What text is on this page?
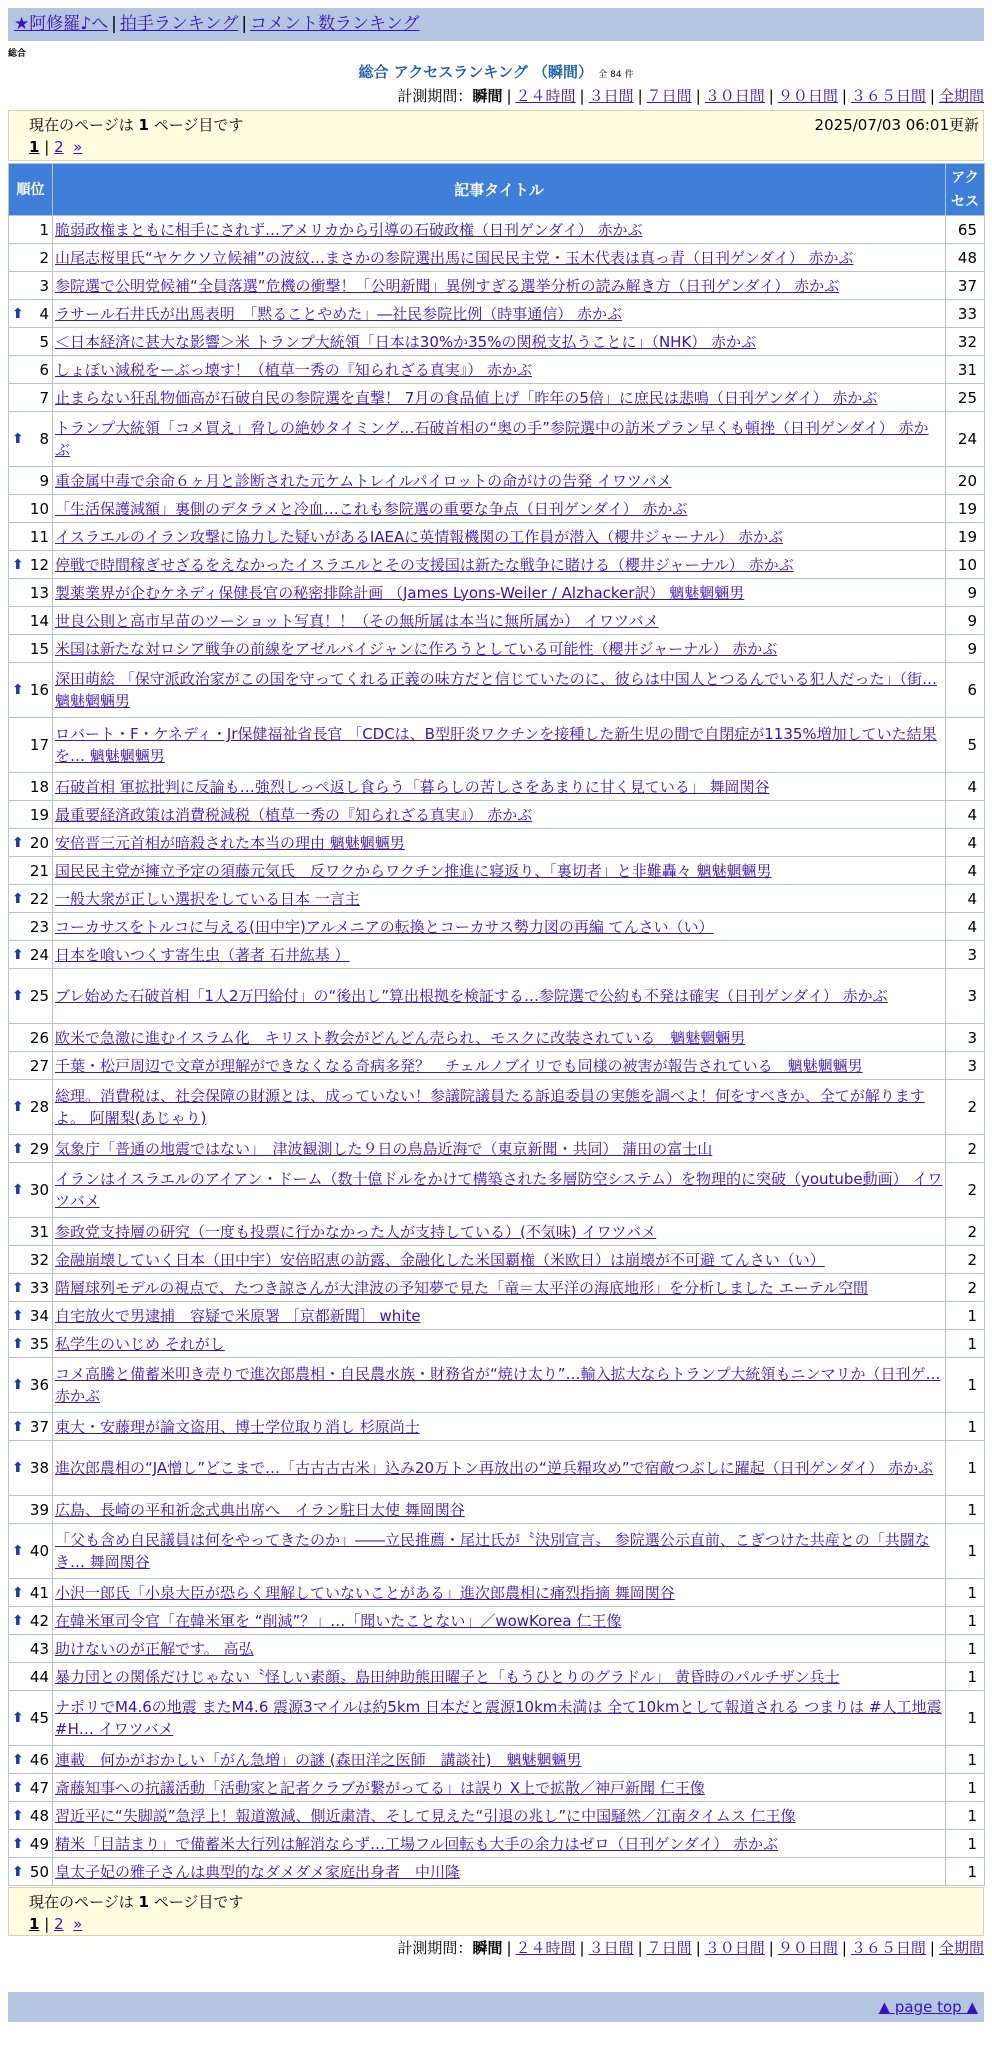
★阿修羅♪へ | 拍手ランキング | コメント数ランキング
総合
総合 アクセスランキング （瞬間） 全 84 件
計測期間：瞬間 | ２４時間 | ３日間 | ７日間 | ３０日間 | ９０日間 | ３６５日間 | 全期間
現在のページは 1 ページ目です	2025/07/03 06:01更新
1 | 2 »
順位	記事タイトル	アクセス
1	脆弱政権まともに相手にされず…アメリカから引導の石破政権（日刊ゲンダイ） 赤かぶ	65
2	山尾志桜里氏“ヤケクソ立候補”の波紋…まさかの参院選出馬に国民民主党・玉木代表は真っ青（日刊ゲンダイ） 赤かぶ	48
3	参院選で公明党候補“全員落選”危機の衝撃！「公明新聞」異例すぎる選挙分析の読み解き方（日刊ゲンダイ） 赤かぶ	37

⬆ 4	ラサール石井氏が出馬表明　「黙ることやめた」―社民参院比例（時事通信） 赤かぶ	33
5	＜日本経済に甚大な影響＞米 トランプ大統領「日本は30%か35%の関税支払うことに」（NHK） 赤かぶ	32
6	しょぼい減税をーぶっ壊す！（植草一秀の『知られざる真実』） 赤かぶ	31
7	止まらない狂乱物価高が石破自民の参院選を直撃！ 7月の食品値上げ「昨年の5倍」に庶民は悲鳴（日刊ゲンダイ） 赤かぶ	25

⬆ 8	トランプ大統領「コメ買え」脅しの絶妙タイミング…石破首相の“奥の手”参院選中の訪米プラン早くも頓挫（日刊ゲンダイ） 赤かぶ	24
9	重金属中毒で余命６ヶ月と診断された元ケムトレイルパイロットの命がけの告発 イワツバメ	20
10	「生活保護減額」裏側のデタラメと冷血…これも参院選の重要な争点（日刊ゲンダイ） 赤かぶ	19
11	イスラエルのイラン攻撃に協力した疑いがあるIAEAに英情報機関の工作員が潜入（櫻井ジャーナル） 赤かぶ	19

⬆ 12	停戦で時間稼ぎせざるをえなかったイスラエルとその支援国は新たな戦争に賭ける（櫻井ジャーナル） 赤かぶ	10
13	製薬業界が企むケネディ保健長官の秘密排除計画 （James Lyons-Weiler / Alzhacker訳） 魑魅魍魎男	9
14	世良公則と高市早苗のツーショット写真！！（その無所属は本当に無所属か） イワツバメ	9
15	米国は新たな対ロシア戦争の前線をアゼルバイジャンに作ろうとしている可能性（櫻井ジャーナル） 赤かぶ	9

⬆ 16	深田萌絵 「保守派政治家がこの国を守ってくれる正義の味方だと信じていたのに、彼らは中国人とつるんでいる犯人だった」（街… 魑魅魍魎男	6
17	ロバート・F・ケネディ・Jr保健福祉省長官 「CDCは、B型肝炎ワクチンを接種した新生児の間で自閉症が1135%増加していた結果を… 魑魅魍魎男	5
18	石破首相 軍拡批判に反論も…強烈しっぺ返し食らう「暮らしの苦しさをあまりに甘く見ている」 舞岡関谷	4
19	最重要経済政策は消費税減税（植草一秀の『知られざる真実』） 赤かぶ	4

⬆ 20	安倍晋三元首相が暗殺された本当の理由 魑魅魍魎男	4
21	国民民主党が擁立予定の須藤元気氏　反ワクからワクチン推進に寝返り、「裏切者」と非難轟々 魑魅魍魎男	4

⬆ 22	一般大衆が正しい選択をしている日本 一言主	4
23	コーカサスをトルコに与える(田中宇)アルメニアの転換とコーカサス勢力図の再編 てんさい（い）	4

⬆ 24	日本を喰いつくす寄生虫（著者 石井紘基 ）	3

⬆ 25	ブレ始めた石破首相「1人2万円給付」の“後出し”算出根拠を検証する…参院選で公約も不発は確実（日刊ゲンダイ） 赤かぶ	3
26	欧米で急激に進むイスラム化　キリスト教会がどんどん売られ、モスクに改装されている　魑魅魍魎男	3
27	千葉・松戸周辺で文章が理解ができなくなる奇病多発？　チェルノブイリでも同様の被害が報告されている　魑魅魍魎男	3

⬆ 28	総理。消費税は、社会保障の財源とは、成っていない！参議院議員たる訴追委員の実態を調べよ！何をすべきか、全てが解りますよ。 阿闍梨(あじゃり)	2

⬆ 29	気象庁「普通の地震ではない」　津波観測した９日の鳥島近海で（東京新聞・共同） 蒲田の富士山	2

⬆ 30	イランはイスラエルのアイアン・ドーム（数十億ドルをかけて構築された多層防空システム）を物理的に突破（youtube動画） イワツバメ	2
31	参政党支持層の研究（一度も投票に行かなかった人が支持している）(不気味) イワツバメ	2
32	金融崩壊していく日本（田中宇）安倍昭恵の訪露、金融化した米国覇権（米欧日）は崩壊が不可避 てんさい（い）	2

⬆ 33	階層球列モデルの視点で、たつき諒さんが大津波の予知夢で見た「竜＝太平洋の海底地形」を分析しました エーテル空間	2

⬆ 34	自宅放火で男逮捕　容疑で米原署 ［京都新聞］ white	1

⬆ 35	私学生のいじめ それがし	1

⬆ 36	コメ高騰と備蓄米叩き売りで進次郎農相・自民農水族・財務省が“焼け太り”…輸入拡大ならトランプ大統領もニンマリか（日刊ゲ… 赤かぶ	1

⬆ 37	東大・安藤理が論文盗用、博士学位取り消し 杉原尚士	1

⬆ 38	進次郎農相の“JA憎し”どこまで…「古古古古米」込み20万トン再放出の“逆兵糧攻め”で宿敵つぶしに躍起（日刊ゲンダイ） 赤かぶ	1
39	広島、長崎の平和祈念式典出席へ　イラン駐日大使 舞岡関谷	1

⬆ 40	「父も含め自民議員は何をやってきたのか」――立民推薦・尾辻氏が〝決別宣言〟 参院選公示直前、こぎつけた共産との「共闘なき… 舞岡関谷	1

⬆ 41	小沢一郎氏「小泉大臣が恐らく理解していないことがある」進次郎農相に痛烈指摘 舞岡関谷	1

⬆ 42	在韓米軍司令官「在韓米軍を “削減”？」…「聞いたことない」／wowKorea 仁王像	1
43	助けないのが正解です。 高弘	1
44	暴力団との関係だけじゃない〝怪しい素顔〟島田紳助熊田曜子と「もうひとりのグラドル」 黄昏時のパルチザン兵士	1

⬆ 45	ナポリでM4.6の地震 またM4.6 震源3マイルは約5km 日本だと震源10km未満は 全て10kmとして報道される つまりは #人工地震 #H… イワツバメ	1

⬆ 46	連載　何かがおかしい「がん急増」の謎 (森田洋之医師　講談社)　魑魅魍魎男	1

⬆ 47	斎藤知事への抗議活動「活動家と記者クラブが繋がってる」は誤り X上で拡散／神戸新聞 仁王像	1

⬆ 48	習近平に“失脚説”急浮上！報道激減、側近粛清、そして見えた“引退の兆し”に中国騒然／江南タイムス 仁王像	1

⬆ 49	精米「目詰まり」で備蓄米大行列は解消ならず…工場フル回転も大手の余力はゼロ（日刊ゲンダイ） 赤かぶ	1

⬆ 50	皇太子妃の雅子さんは典型的なダメダメ家庭出身者　中川隆	1
現在のページは 1 ページ目です
1 | 2 »
計測期間：瞬間 | ２４時間 | ３日間 | ７日間 | ３０日間 | ９０日間 | ３６５日間 | 全期間
▲ page top ▲
